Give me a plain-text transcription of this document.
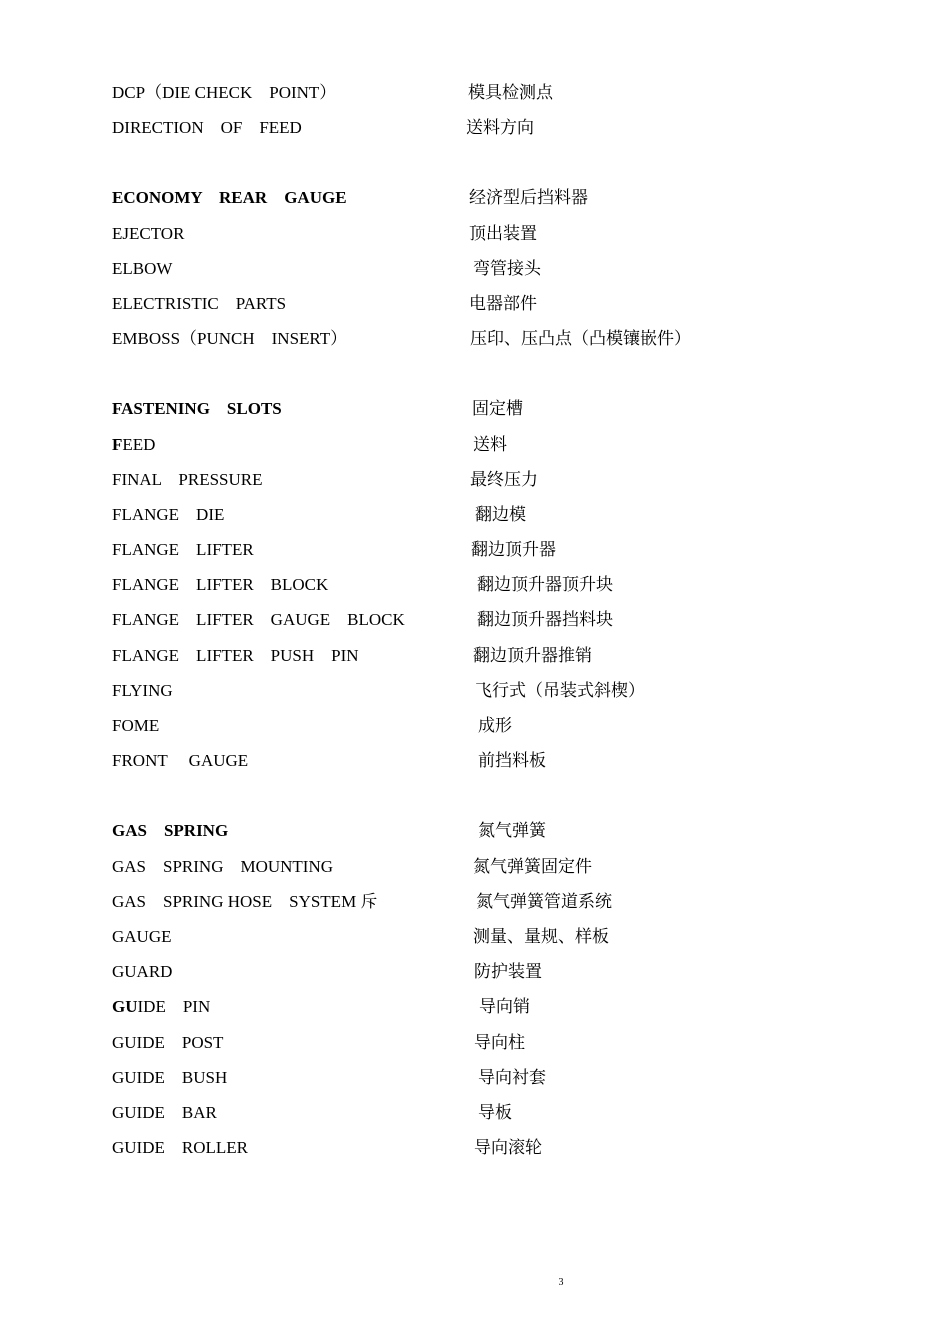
DCP（DIE CHECK　POINT）	模具检测点
DIRECTION　OF　FEED	送料方向
ECONOMY　REAR　GAUGE	经济型后挡料器
EJECTOR	顶出装置
ELBOW	弯管接头
ELECTRISTIC　PARTS	电器部件
EMBOSS（PUNCH　INSERT）	压印、压凸点（凸模镶嵌件）
FASTENING　SLOTS	固定槽
FEED	送料
FINAL　PRESSURE	最终压力
FLANGE　DIE	翻边模
FLANGE　LIFTER	翻边顶升器
FLANGE　LIFTER　BLOCK	翻边顶升器顶升块
FLANGE　LIFTER　GAUGE　BLOCK	翻边顶升器挡料块
FLANGE　LIFTER　PUSH　PIN	翻边顶升器推销
FLYING	飞行式（吊装式斜楔）
FOME	成形
FRONT　 GAUGE	前挡料板
GAS　SPRING	氮气弹簧
GAS　SPRING　MOUNTING	氮气弹簧固定件
GAS　SPRING HOSE　SYSTEM 斥	氮气弹簧管道系统
GAUGE	测量、量规、样板
GUARD	防护装置
GUIDE　PIN	导向销
GUIDE　POST	导向柱
GUIDE　BUSH	导向衬套
GUIDE　BAR	导板
GUIDE　ROLLER	导向滚轮
3
